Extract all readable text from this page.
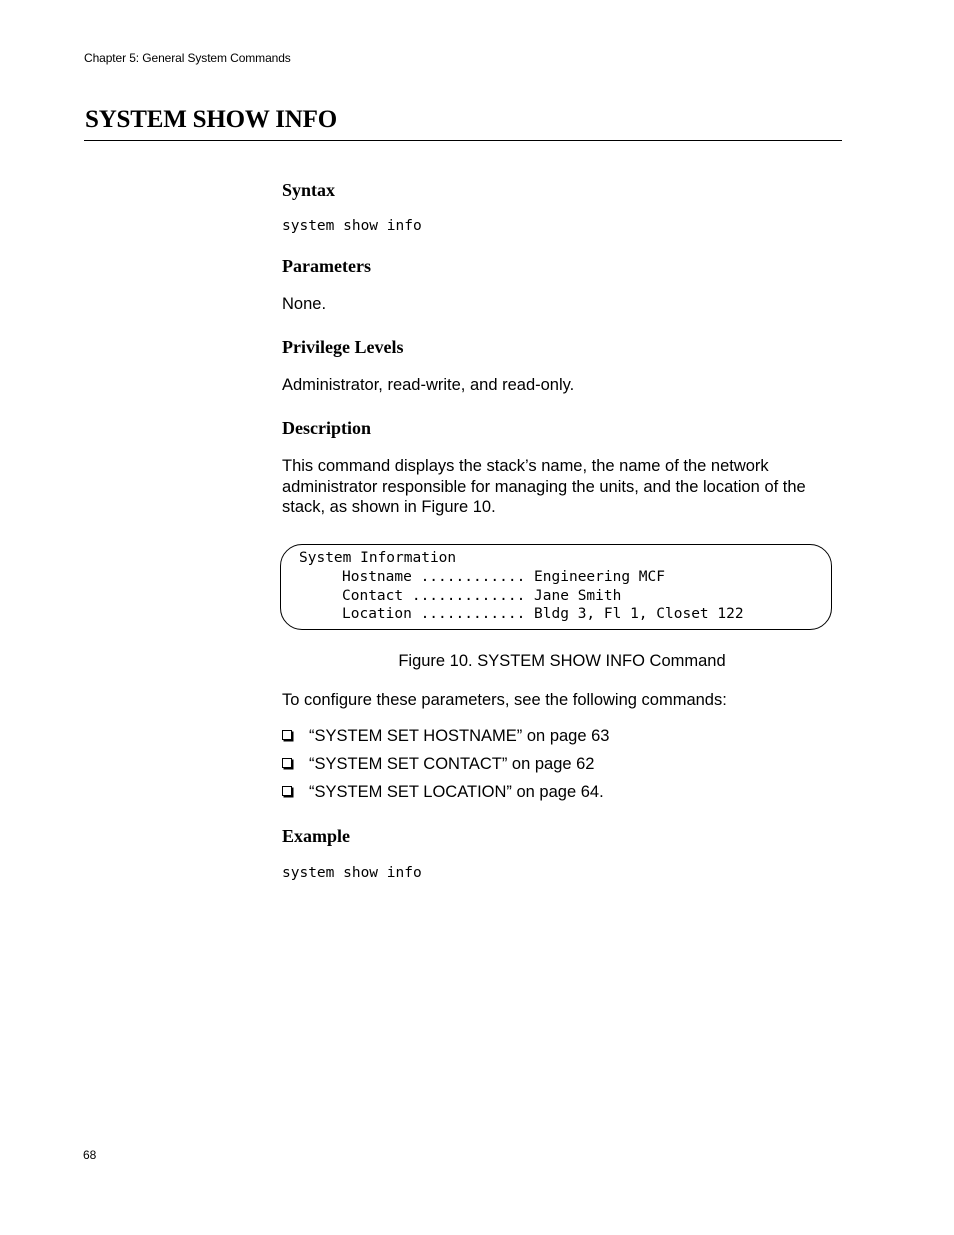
Chapter 5: General System Commands
SYSTEM SHOW INFO
Syntax
system show info
Parameters

None.

Privilege Levels

Administrator, read-write, and read-only.

Description

This command displays the stack’s name, the name of the network administrator responsible for managing the units, and the location of the stack, as shown in Figure 10.

System Information
Hostname ............ Engineering MCF
Contact ............. Jane Smith
Location ............ Bldg 3, Fl 1, Closet 122
Figure 10. SYSTEM SHOW INFO Command

To configure these parameters, see the following commands:

“SYSTEM SET HOSTNAME” on page 63
“SYSTEM SET CONTACT” on page 62
“SYSTEM SET LOCATION” on page 64.
Example
system show info
68
